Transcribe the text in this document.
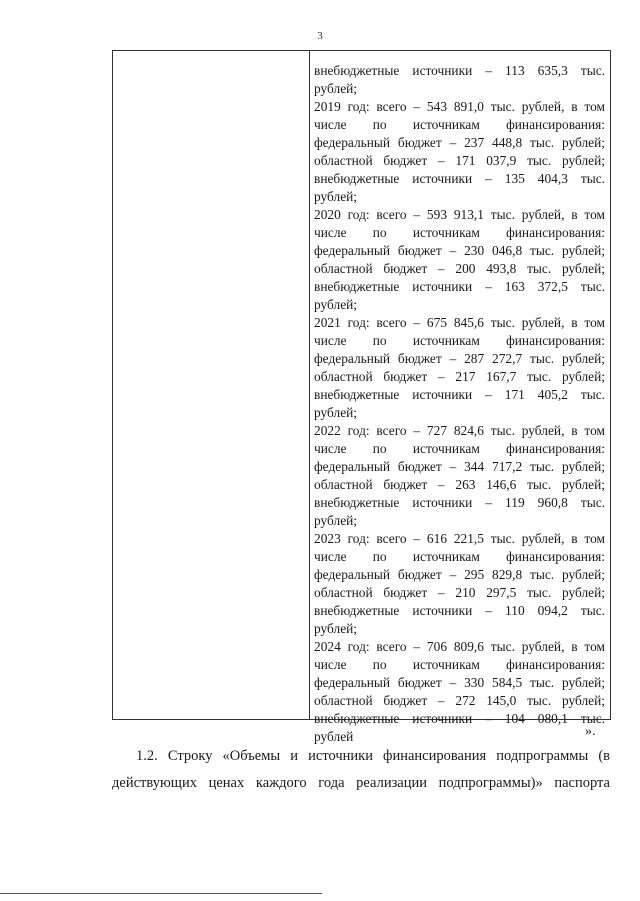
3
внебюджетные источники – 113 635,3 тыс.
рублей;
2019 год: всего – 543 891,0 тыс. рублей, в том
числе по источникам финансирования:
федеральный бюджет – 237 448,8 тыс. рублей;
областной бюджет – 171 037,9 тыс. рублей;
внебюджетные источники – 135 404,3 тыс.
рублей;
2020 год: всего – 593 913,1 тыс. рублей, в том
числе по источникам финансирования:
федеральный бюджет – 230 046,8 тыс. рублей;
областной бюджет – 200 493,8 тыс. рублей;
внебюджетные источники – 163 372,5 тыс.
рублей;
2021 год: всего – 675 845,6 тыс. рублей, в том
числе по источникам финансирования:
федеральный бюджет – 287 272,7 тыс. рублей;
областной бюджет – 217 167,7 тыс. рублей;
внебюджетные источники – 171 405,2 тыс.
рублей;
2022 год: всего – 727 824,6 тыс. рублей, в том
числе по источникам финансирования:
федеральный бюджет – 344 717,2 тыс. рублей;
областной бюджет – 263 146,6 тыс. рублей;
внебюджетные источники – 119 960,8 тыс.
рублей;
2023 год: всего – 616 221,5 тыс. рублей, в том
числе по источникам финансирования:
федеральный бюджет – 295 829,8 тыс. рублей;
областной бюджет – 210 297,5 тыс. рублей;
внебюджетные источники – 110 094,2 тыс.
рублей;
2024 год: всего – 706 809,6 тыс. рублей, в том
числе по источникам финансирования:
федеральный бюджет – 330 584,5 тыс. рублей;
областной бюджет – 272 145,0 тыс. рублей;
внебюджетные источники – 104 080,1 тыс.
рублей	».
1.2. Строку «Объемы и источники финансирования подпрограммы (в
действующих ценах каждого года реализации подпрограммы)» паспорта
